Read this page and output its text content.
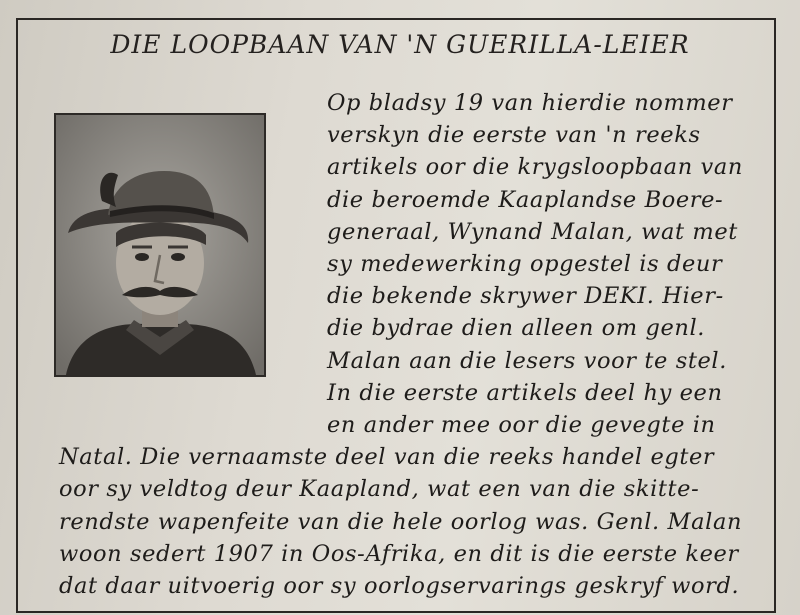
DIE LOOPBAAN VAN 'N GUERILLA-LEIER
Op bladsy 19 van hierdie nommer
verskyn die eerste van 'n reeks
artikels oor die krygsloopbaan van
die beroemde Kaaplandse Boere-
generaal, Wynand Malan, wat met
sy medewerking opgestel is deur
die bekende skrywer DEKI. Hier-
die bydrae dien alleen om genl.
Malan aan die lesers voor te stel.
In die eerste artikels deel hy een
en ander mee oor die gevegte in
Natal. Die vernaamste deel van die reeks handel egter
oor sy veldtog deur Kaapland, wat een van die skitte-
rendste wapenfeite van die hele oorlog was. Genl. Malan
woon sedert 1907 in Oos-Afrika, en dit is die eerste keer
dat daar uitvoerig oor sy oorlogservarings geskryf word.
